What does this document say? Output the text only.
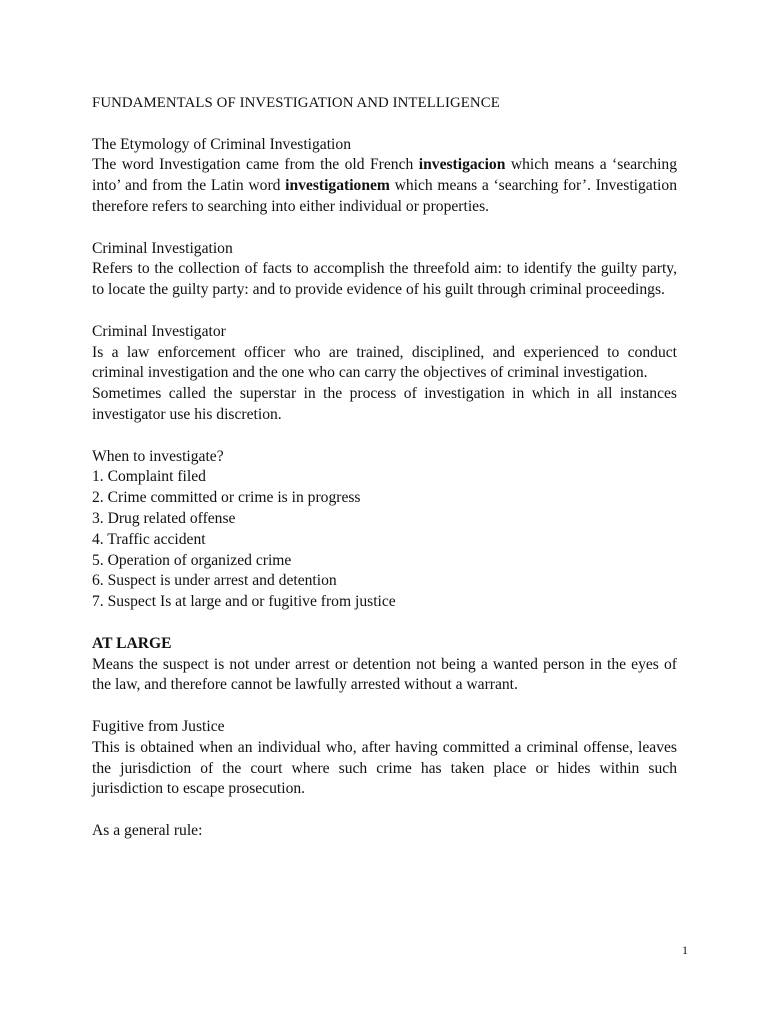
FUNDAMENTALS OF INVESTIGATION AND INTELLIGENCE

The Etymology of Criminal Investigation

The word Investigation came from the old French investigacion which means a ‘searching into’ and from the Latin word investigationem which means a ‘searching for’. Investigation therefore refers to searching into either individual or properties.

Criminal Investigation

Refers to the collection of facts to accomplish the threefold aim: to identify the guilty party, to locate the guilty party: and to provide evidence of his guilt through criminal proceedings.

Criminal Investigator

Is a law enforcement officer who are trained, disciplined, and experienced to conduct criminal investigation and the one who can carry the objectives of criminal investigation.

Sometimes called the superstar in the process of investigation in which in all instances investigator use his discretion.

When to investigate?

1. Complaint filed
2. Crime committed or crime is in progress
3. Drug related offense
4. Traffic accident
5. Operation of organized crime
6. Suspect is under arrest and detention
7. Suspect Is at large and or fugitive from justice

AT LARGE

Means the suspect is not under arrest or detention not being a wanted person in the eyes of the law, and therefore cannot be lawfully arrested without a warrant.

Fugitive from Justice

This is obtained when an individual who, after having committed a criminal offense, leaves the jurisdiction of the court where such crime has taken place or hides within such jurisdiction to escape prosecution.

As a general rule:

1
